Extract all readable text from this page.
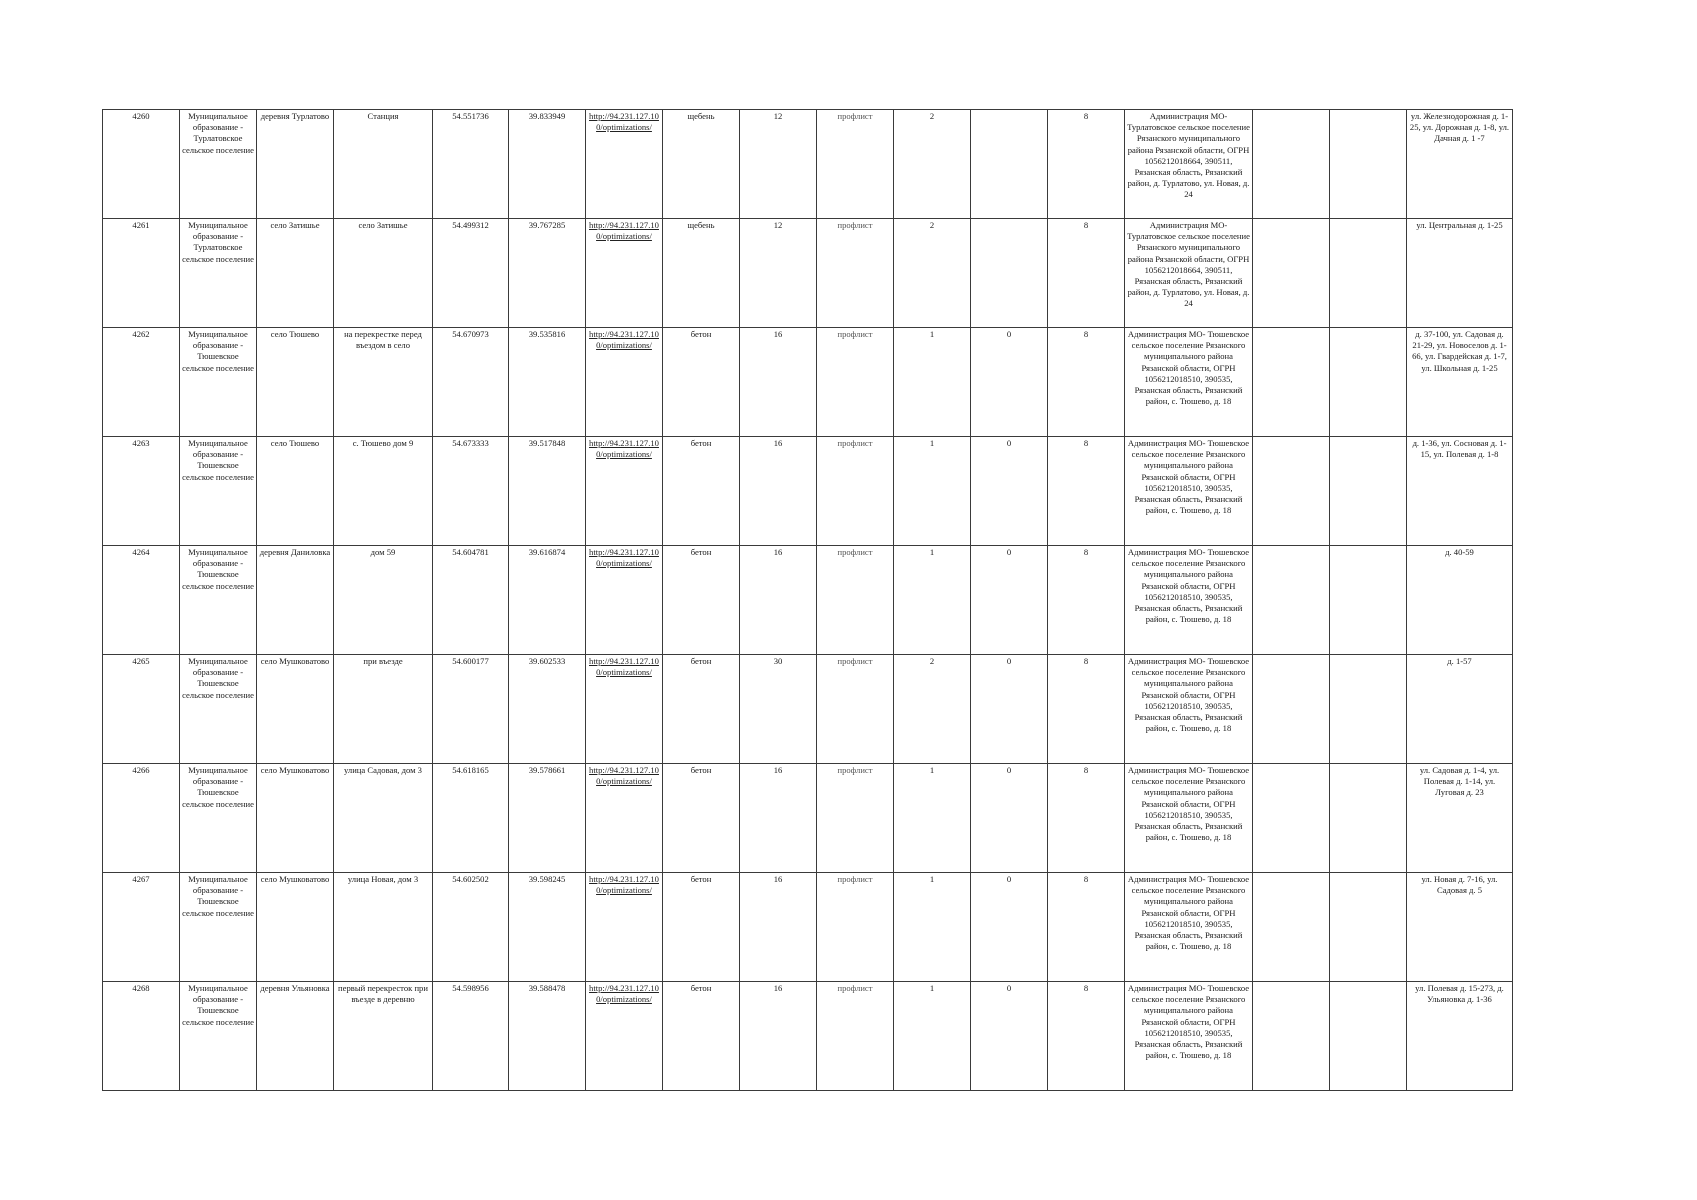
4260	Муниципальное образование - Турлатовское сельское поселение	деревня Турлатово	Станция	54.551736	39.833949	http://94.231.127.10 0/optimizations/	щебень	12	профлист	2		8	Администрация МО- Турлатовское сельское поселение Рязанского муниципального района Рязанской области, ОГРН 1056212018664, 390511, Рязанская область, Рязанский район, д. Турлатово, ул. Новая, д. 24			ул. Железнодорожная д. 1-25, ул. Дорожная д. 1-8, ул. Дачная д. 1 -7
4261	Муниципальное образование - Турлатовское сельское поселение	село Затишье	село Затишье	54.499312	39.767285	http://94.231.127.10 0/optimizations/	щебень	12	профлист	2		8	Администрация МО- Турлатовское сельское поселение Рязанского муниципального района Рязанской области, ОГРН 1056212018664, 390511, Рязанская область, Рязанский район, д. Турлатово, ул. Новая, д. 24			ул. Центральная д. 1-25
4262	Муниципальное образование - Тюшевское сельское поселение	село Тюшево	на перекрестке перед въездом в село	54.670973	39.535816	http://94.231.127.10 0/optimizations/	бетон	16	профлист	1	0	8	Администрация МО- Тюшевское сельское поселение Рязанского муниципального района Рязанской области, ОГРН 1056212018510, 390535, Рязанская область, Рязанский район, с. Тюшево, д. 18			д. 37-100, ул. Садовая д. 21-29, ул. Новоселов д. 1-66, ул. Гвардейская д. 1-7, ул. Школьная д. 1-25
4263	Муниципальное образование - Тюшевское сельское поселение	село Тюшево	с. Тюшево дом 9	54.673333	39.517848	http://94.231.127.10 0/optimizations/	бетон	16	профлист	1	0	8	Администрация МО- Тюшевское сельское поселение Рязанского муниципального района Рязанской области, ОГРН 1056212018510, 390535, Рязанская область, Рязанский район, с. Тюшево, д. 18			д. 1-36, ул. Сосновая д. 1-15, ул. Полевая д. 1-8
4264	Муниципальное образование - Тюшевское сельское поселение	деревня Даниловка	дом 59	54.604781	39.616874	http://94.231.127.10 0/optimizations/	бетон	16	профлист	1	0	8	Администрация МО- Тюшевское сельское поселение Рязанского муниципального района Рязанской области, ОГРН 1056212018510, 390535, Рязанская область, Рязанский район, с. Тюшево, д. 18			д. 40-59
4265	Муниципальное образование - Тюшевское сельское поселение	село Мушковатово	при въезде	54.600177	39.602533	http://94.231.127.10 0/optimizations/	бетон	30	профлист	2	0	8	Администрация МО- Тюшевское сельское поселение Рязанского муниципального района Рязанской области, ОГРН 1056212018510, 390535, Рязанская область, Рязанский район, с. Тюшево, д. 18			д. 1-57
4266	Муниципальное образование - Тюшевское сельское поселение	село Мушковатово	улица Садовая, дом 3	54.618165	39.578661	http://94.231.127.10 0/optimizations/	бетон	16	профлист	1	0	8	Администрация МО- Тюшевское сельское поселение Рязанского муниципального района Рязанской области, ОГРН 1056212018510, 390535, Рязанская область, Рязанский район, с. Тюшево, д. 18			ул. Садовая д. 1-4, ул. Полевая д. 1-14, ул. Луговая д. 23
4267	Муниципальное образование - Тюшевское сельское поселение	село Мушковатово	улица Новая, дом 3	54.602502	39.598245	http://94.231.127.10 0/optimizations/	бетон	16	профлист	1	0	8	Администрация МО- Тюшевское сельское поселение Рязанского муниципального района Рязанской области, ОГРН 1056212018510, 390535, Рязанская область, Рязанский район, с. Тюшево, д. 18			ул. Новая д. 7-16, ул. Садовая д. 5
4268	Муниципальное образование - Тюшевское сельское поселение	деревня Ульяновка	первый перекресток при въезде в деревню	54.598956	39.588478	http://94.231.127.10 0/optimizations/	бетон	16	профлист	1	0	8	Администрация МО- Тюшевское сельское поселение Рязанского муниципального района Рязанской области, ОГРН 1056212018510, 390535, Рязанская область, Рязанский район, с. Тюшево, д. 18			ул. Полевая д. 15-273, д. Ульяновка д. 1-36
